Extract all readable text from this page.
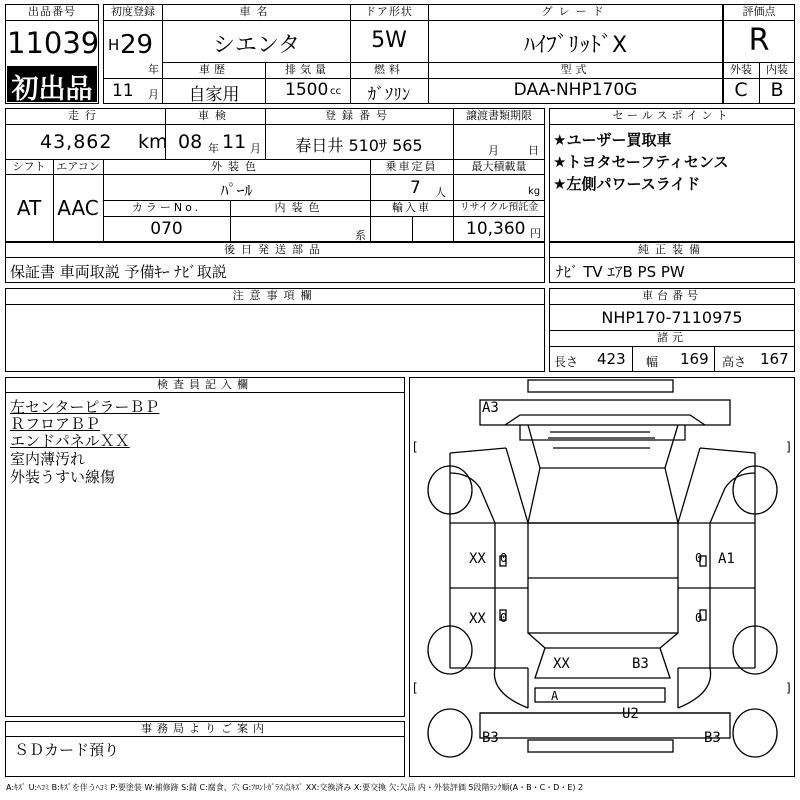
出品番号
11039
初出品
初度登録
H 29
年
11 月
車名
シエンタ
ドア形状
5W
グレード
ﾊｲﾌﾞﾘｯﾄﾞX
評価点
R
外装	内装
C	B
車歴
自家用
排気量
1500 cc
燃料
ｶﾞｿﾘﾝ
型式
DAA-NHP170G
走行
43,862 km
車検
08 年 11 月
登録番号
春日井 510ｻ 565
譲渡書類期限
月	日
シフト
AT
エアコン
AAC
外装色
ﾊﾟｰﾙ
カラーNo.
070
内装色
系
乗車定員
7 人
最大積載量
kg
輸入車	リサイクル預託金
10,360 円
セールスポイント
★ユーザー買取車
★トヨタセーフティセンス
★左側パワースライド
後日発送部品
保証書 車両取説 予備ｷｰ ﾅﾋﾞ取説
純正装備
ﾅﾋﾞ TV ｴｱB PS PW
注意事項欄	車台番号
NHP170-7110975
諸元
長さ 423 幅 169 高さ 167
検査員記入欄
左センターピラーＢＰ
ＲフロアＢＰ
エンドパネルＸＸ
室内薄汚れ
外装うすい線傷
事務局よりご案内
ＳＤカード預り
[	]
[	]
A3
XX 0	A1
0
XX 0	0
XX	B3
A
U2
B3	B3
A:ｷｽﾞ U:ﾍｺﾐ B:ｷｽﾞを伴うﾍｺﾐ P:要塗装 W:補修跡 S:錆 C:腐食、穴 G:ﾌﾛﾝﾄｶﾞﾗｽ点ｷｽﾞ XX:交換済み X:要交換 欠:欠品 内・外装評価 5段階ﾗﾝｸ順(A・B・C・D・E) 2
